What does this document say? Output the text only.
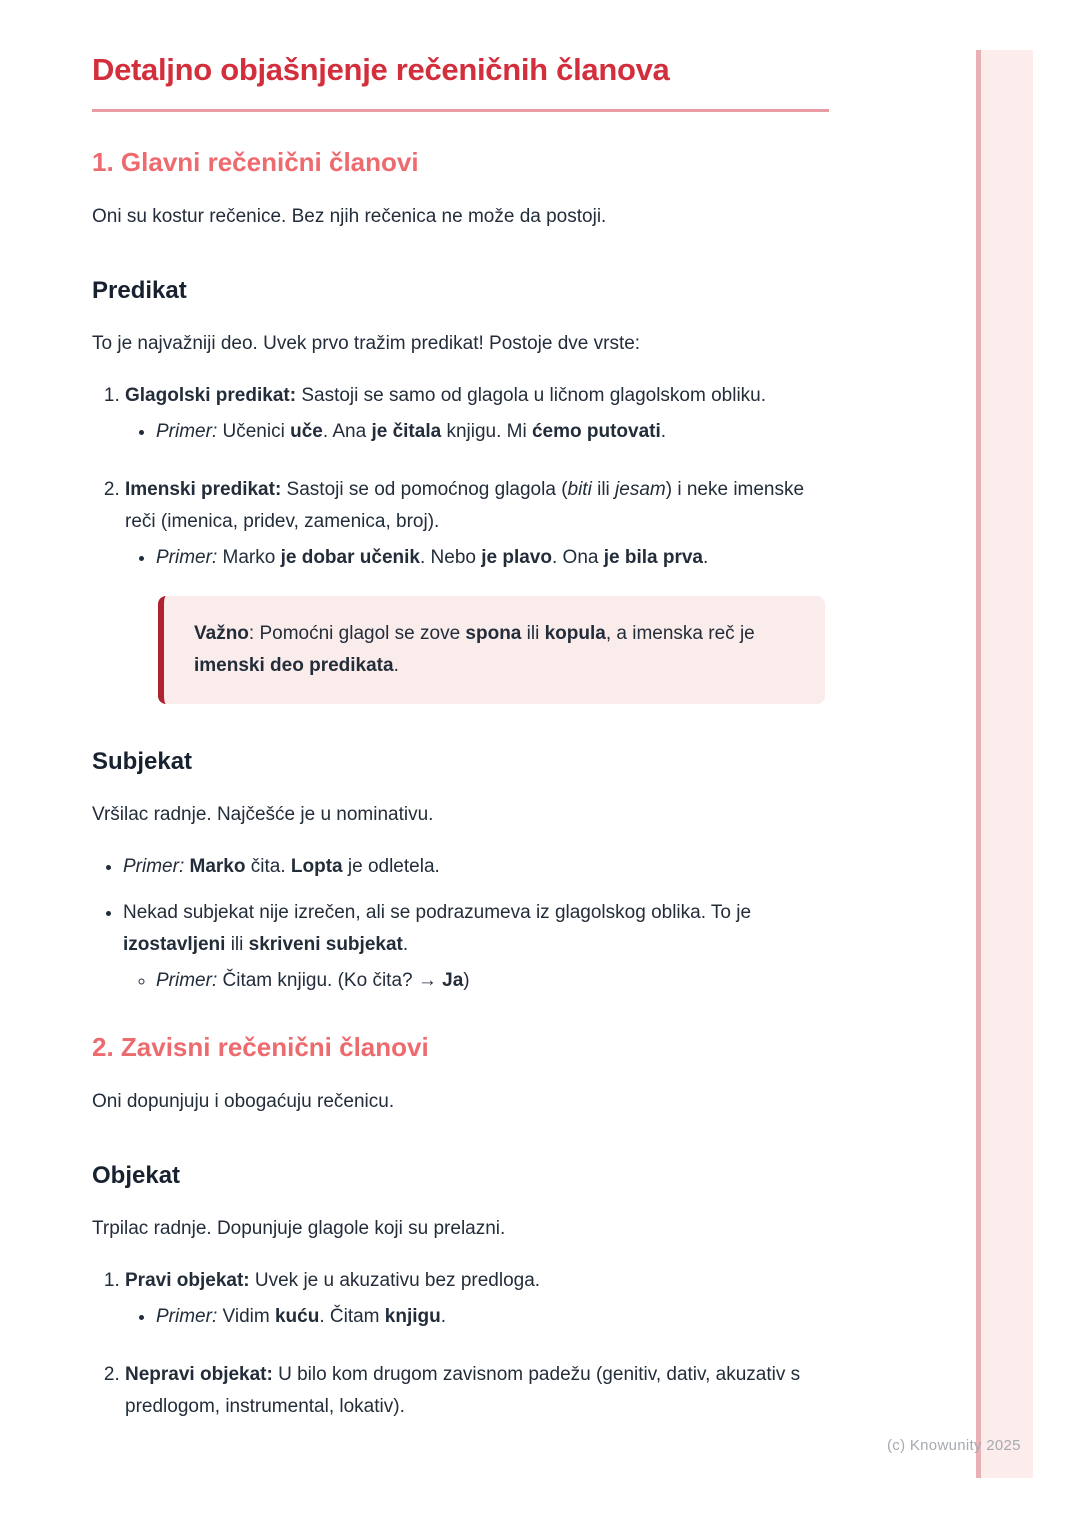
(c) Knowunity 2025
Detaljno objašnjenje rečeničnih članova
1. Glavni rečenični članovi

Oni su kostur rečenice. Bez njih rečenica ne može da postoji.

Predikat

To je najvažniji deo. Uvek prvo tražim predikat! Postoje dve vrste:

1. Glagolski predikat: Sastoji se samo od glagola u ličnom glagolskom obliku.
• Primer: Učenici uče. Ana je čitala knjigu. Mi ćemo putovati.
2. Imenski predikat: Sastoji se od pomoćnog glagola (biti ili jesam) i neke imenske reči (imenica, pridev, zamenica, broj).
• Primer: Marko je dobar učenik. Nebo je plavo. Ona je bila prva.
Važno: Pomoćni glagol se zove spona ili kopula, a imenska reč je imenski deo predikata.
Subjekat

Vršilac radnje. Najčešće je u nominativu.

• Primer: Marko čita. Lopta je odletela.
• Nekad subjekat nije izrečen, ali se podrazumeva iz glagolskog oblika. To je izostavljeni ili skriveni subjekat.
◦ Primer: Čitam knjigu. (Ko čita? → Ja)
2. Zavisni rečenični članovi

Oni dopunjuju i obogaćuju rečenicu.

Objekat

Trpilac radnje. Dopunjuje glagole koji su prelazni.

1. Pravi objekat: Uvek je u akuzativu bez predloga.
• Primer: Vidim kuću. Čitam knjigu.
2. Nepravi objekat: U bilo kom drugom zavisnom padežu (genitiv, dativ, akuzativ s predlogom, instrumental, lokativ).
